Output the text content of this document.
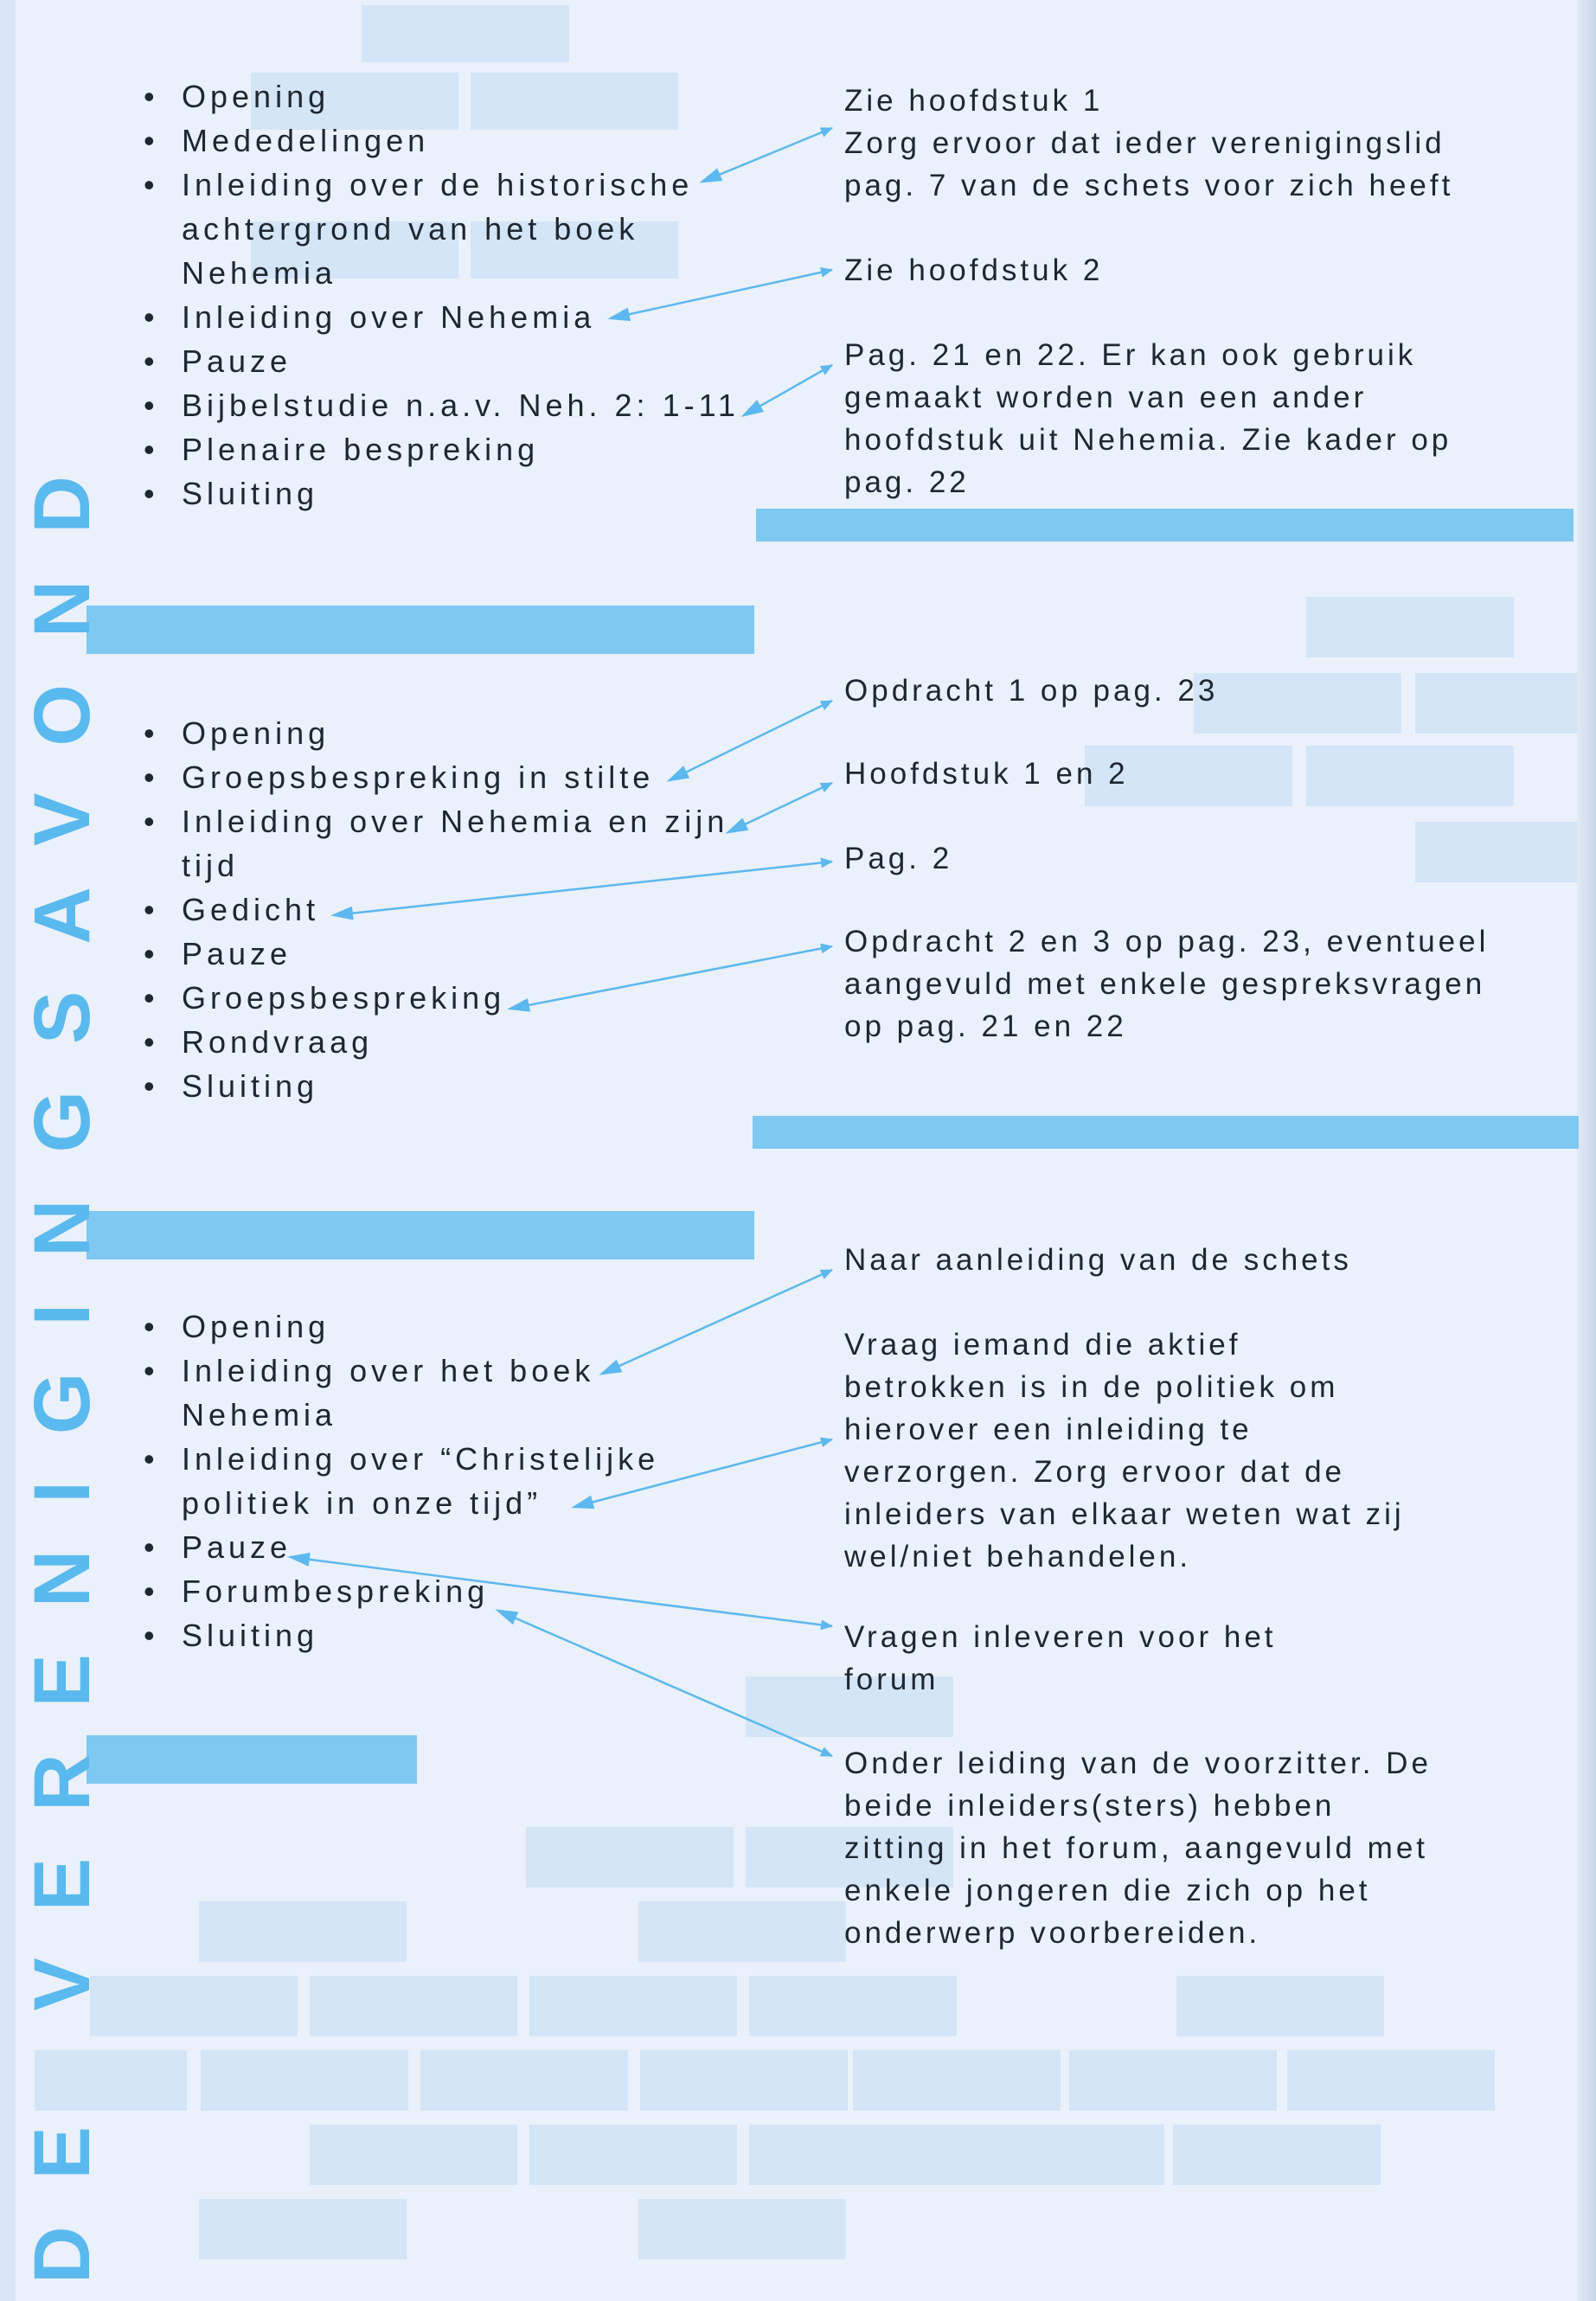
DE VERENIGINGSAVOND
• Opening
• Mededelingen
• Inleiding over de historische achtergrond van het boek Nehemia
• Inleiding over Nehemia
• Pauze
• Bijbelstudie n.a.v. Neh. 2: 1-11
• Plenaire bespreking
• Sluiting
Zie hoofdstuk 1
Zorg ervoor dat ieder verenigingslid pag. 7 van de schets voor zich heeft
Zie hoofdstuk 2
Pag. 21 en 22. Er kan ook gebruik gemaakt worden van een ander hoofdstuk uit Nehemia. Zie kader op pag. 22
• Opening
• Groepsbespreking in stilte
• Inleiding over Nehemia en zijn tijd
• Gedicht
• Pauze
• Groepsbespreking
• Rondvraag
• Sluiting
Opdracht 1 op pag. 23
Hoofdstuk 1 en 2
Pag. 2
Opdracht 2 en 3 op pag. 23, eventueel aangevuld met enkele gespreksvragen op pag. 21 en 22
• Opening
• Inleiding over het boek Nehemia
• Inleiding over “Christelijke politiek in onze tijd”
• Pauze
• Forumbespreking
• Sluiting
Naar aanleiding van de schets
Vraag iemand die aktief betrokken is in de politiek om hierover een inleiding te verzorgen. Zorg ervoor dat de inleiders van elkaar weten wat zij wel/niet behandelen.
Vragen inleveren voor het forum
Onder leiding van de voorzitter. De beide inleiders(sters) hebben zitting in het forum, aangevuld met enkele jongeren die zich op het onderwerp voorbereiden.
